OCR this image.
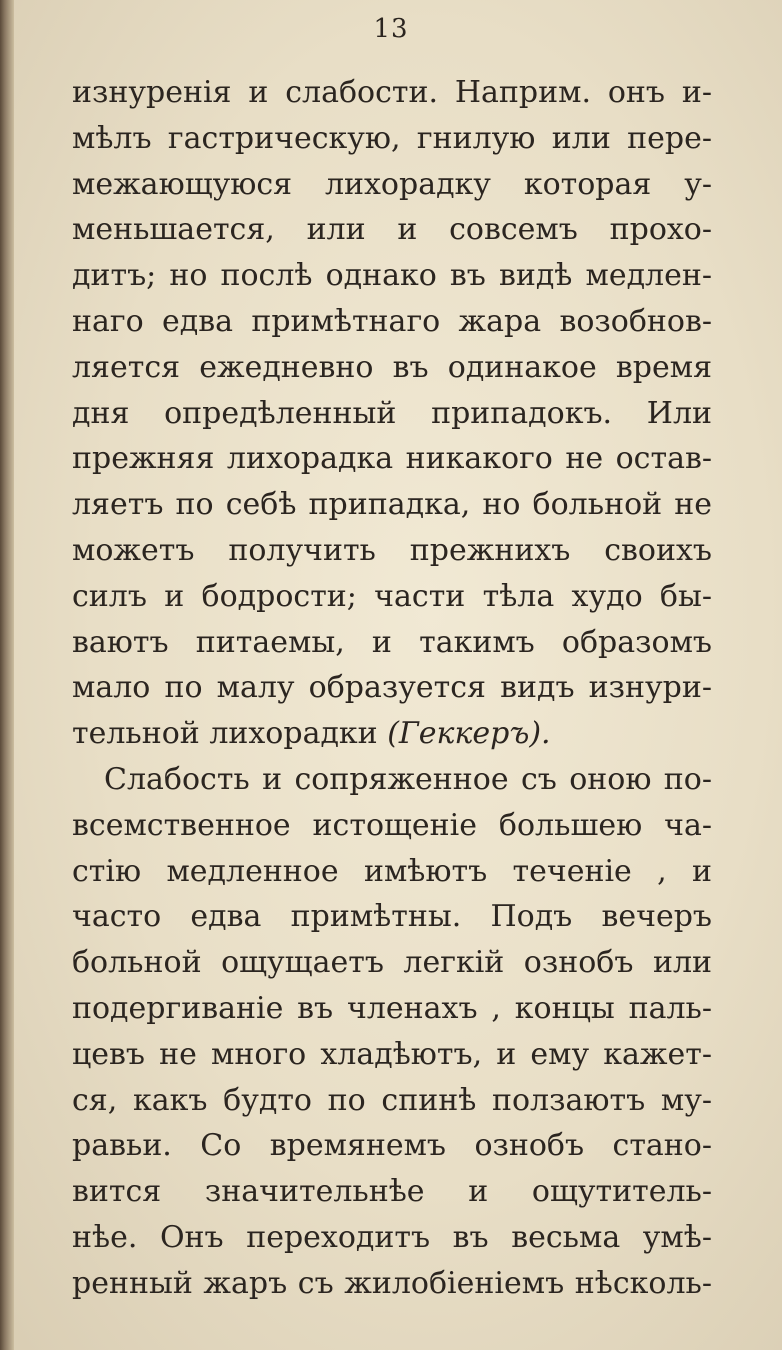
13
изнуренія и слабости. Наприм. онъ и-
мѣлъ гастрическую, гнилую или пере-
межающуюся лихорадку которая у-
меньшается, или и совсемъ прохо-
дитъ; но послѣ однако въ видѣ медлен-
наго едва примѣтнаго жара возобнов-
ляется ежедневно въ одинакое время
дня опредѣленный припадокъ. Или
прежняя лихорадка никакого не остав-
ляетъ по себѣ припадка, но больной не
можетъ получить прежнихъ своихъ
силъ и бодрости; части тѣла худо бы-
ваютъ питаемы, и такимъ образомъ
мало по малу образуется видъ изнури-
тельной лихорадки (Геккеръ).
Слабость и сопряженное съ оною по-
всемственное истощеніе большею ча-
стію медленное имѣютъ теченіе , и
часто едва примѣтны. Подъ вечеръ
больной ощущаетъ легкій ознобъ или
подергиваніе въ членахъ , концы паль-
цевъ не много хладѣютъ, и ему кажет-
ся, какъ будто по спинѣ ползаютъ му-
равьи. Со времянемъ ознобъ стано-
вится значительнѣе и ощутитель-
нѣе. Онъ переходитъ въ весьма умѣ-
ренный жаръ съ жилобіеніемъ нѣсколь-
